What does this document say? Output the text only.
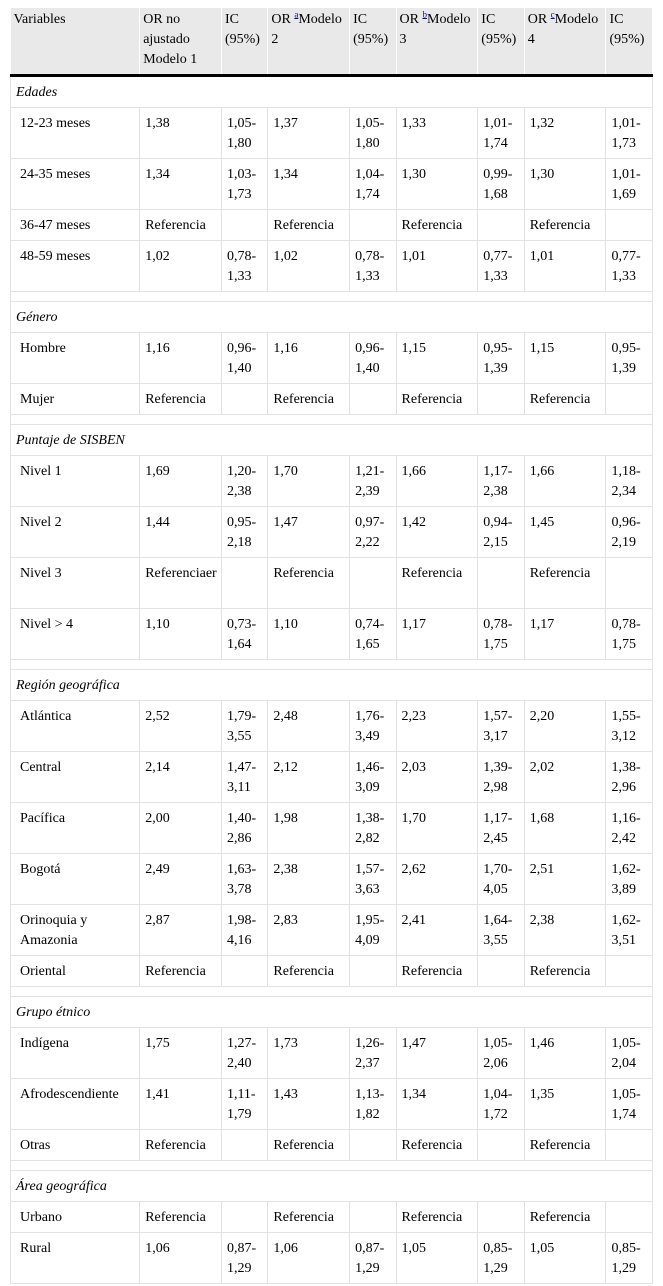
Variables	OR no ajustado Modelo 1	IC (95%)	OR $^a$Modelo 2	IC (95%)	OR $^b$Modelo 3	IC (95%)	OR $^c$Modelo 4	IC (95%)
Edades								
12-23 meses	1,38	1,05-1,80	1,37	1,05-1,80	1,33	1,01-1,74	1,32	1,01-1,73
24-35 meses	1,34	1,03-1,73	1,34	1,04-1,74	1,30	0,99-1,68	1,30	1,01-1,69
36-47 meses	Referencia		Referencia		Referencia		Referencia	
48-59 meses	1,02	0,78-1,33	1,02	0,78-1,33	1,01	0,77-1,33	1,01	0,77-1,33

Género								
Hombre	1,16	0,96-1,40	1,16	0,96-1,40	1,15	0,95-1,39	1,15	0,95-1,39
Mujer	Referencia		Referencia		Referencia		Referencia	

Puntaje de SISBEN								
Nivel 1	1,69	1,20-2,38	1,70	1,21-2,39	1,66	1,17-2,38	1,66	1,18-2,34
Nivel 2	1,44	0,95-2,18	1,47	0,97-2,22	1,42	0,94-2,15	1,45	0,96-2,19
Nivel 3	Referenciaer		Referencia		Referencia		Referencia	
Nivel > 4	1,10	0,73-1,64	1,10	0,74-1,65	1,17	0,78-1,75	1,17	0,78-1,75

Región geográfica								
Atlántica	2,52	1,79-3,55	2,48	1,76-3,49	2,23	1,57-3,17	2,20	1,55-3,12
Central	2,14	1,47-3,11	2,12	1,46-3,09	2,03	1,39-2,98	2,02	1,38-2,96
Pacífica	2,00	1,40-2,86	1,98	1,38-2,82	1,70	1,17-2,45	1,68	1,16-2,42
Bogotá	2,49	1,63-3,78	2,38	1,57-3,63	2,62	1,70-4,05	2,51	1,62-3,89
Orinoquia y Amazonia	2,87	1,98-4,16	2,83	1,95-4,09	2,41	1,64-3,55	2,38	1,62-3,51
Oriental	Referencia		Referencia		Referencia		Referencia	

Grupo étnico								
Indígena	1,75	1,27-2,40	1,73	1,26-2,37	1,47	1,05-2,06	1,46	1,05-2,04
Afrodescendiente	1,41	1,11-1,79	1,43	1,13-1,82	1,34	1,04-1,72	1,35	1,05-1,74
Otras	Referencia		Referencia		Referencia		Referencia	

Área geográfica								
Urbano	Referencia		Referencia		Referencia		Referencia	
Rural	1,06	0,87-1,29	1,06	0,87-1,29	1,05	0,85-1,29	1,05	0,85-1,29
